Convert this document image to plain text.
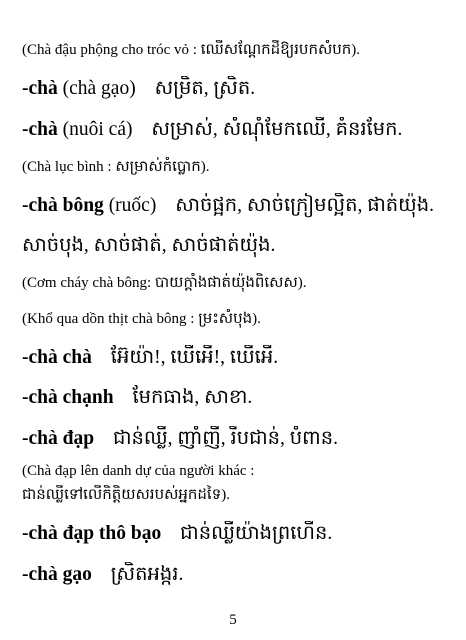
(Chà đậu phộng cho tróc vỏ : ឈើសណ្ដែកដីឱ្យរបកសំបក).
-chà (chà gạo) សម្រិត, ស្រិត.
-chà (nuôi cá) សម្រាស់, សំណុំមែកឈើ, គំនរមែក.
(Chà lục bình : សម្រាស់កំប្លោក).
-chà bông (ruốc) សាច់ផ្អក, សាច់ក្រៀមល្អិត, ផាត់យ៉ុង.
សាច់បុង, សាច់ផាត់, សាច់ផាត់យ៉ុង.
(Cơm cháy chà bông: បាយក្ដាំងផាត់យ៉ុងពិសេស).
(Khổ qua dồn thịt chà bông : ម្រះសំបុង).
-chà chà អ៊ែយ៉ា!, ឃើអើ!, ឃើអើ.
-chà chạnh មែកធាង, សាខា.
-chà đạp ជាន់ឈ្លី, ញាំញី, រឹបជាន់, បំពាន.
(Chà đạp lên danh dự của người khác :
ជាន់ឈ្លីទៅលើកិត្តិយសរបស់អ្នកដទៃ).
-chà đạp thô bạo ជាន់ឈ្លីយ៉ាងព្រហើន.
-chà gạo ស្រិតអង្ករ.
5
